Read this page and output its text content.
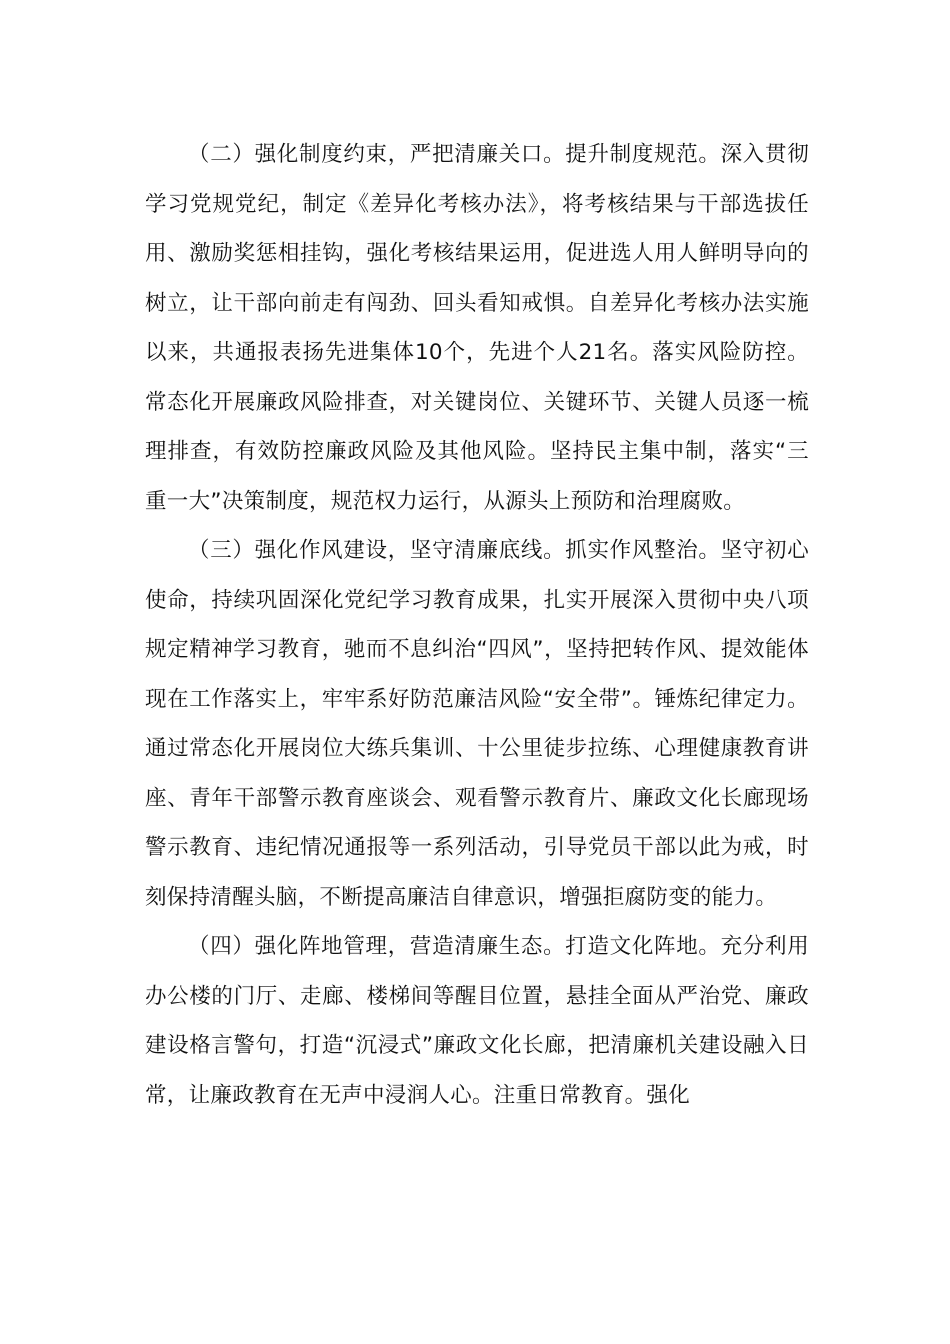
（二）强化制度约束，严把清廉关口。提升制度规范。深入贯彻学习党规党纪，制定《差异化考核办法》，将考核结果与干部选拔任用、激励奖惩相挂钩，强化考核结果运用，促进选人用人鲜明导向的树立，让干部向前走有闯劲、回头看知戒惧。自差异化考核办法实施以来，共通报表扬先进集体10个，先进个人21名。落实风险防控。常态化开展廉政风险排查，对关键岗位、关键环节、关键人员逐一梳理排查，有效防控廉政风险及其他风险。坚持民主集中制，落实“三重一大”决策制度，规范权力运行，从源头上预防和治理腐败。

（三）强化作风建设，坚守清廉底线。抓实作风整治。坚守初心使命，持续巩固深化党纪学习教育成果，扎实开展深入贯彻中央八项规定精神学习教育，驰而不息纠治“四风”，坚持把转作风、提效能体现在工作落实上，牢牢系好防范廉洁风险“安全带”。锤炼纪律定力。通过常态化开展岗位大练兵集训、十公里徒步拉练、心理健康教育讲座、青年干部警示教育座谈会、观看警示教育片、廉政文化长廊现场警示教育、违纪情况通报等一系列活动，引导党员干部以此为戒，时刻保持清醒头脑，不断提高廉洁自律意识，增强拒腐防变的能力。

（四）强化阵地管理，营造清廉生态。打造文化阵地。充分利用办公楼的门厅、走廊、楼梯间等醒目位置，悬挂全面从严治党、廉政建设格言警句，打造“沉浸式”廉政文化长廊，把清廉机关建设融入日常，让廉政教育在无声中浸润人心。注重日常教育。强化
